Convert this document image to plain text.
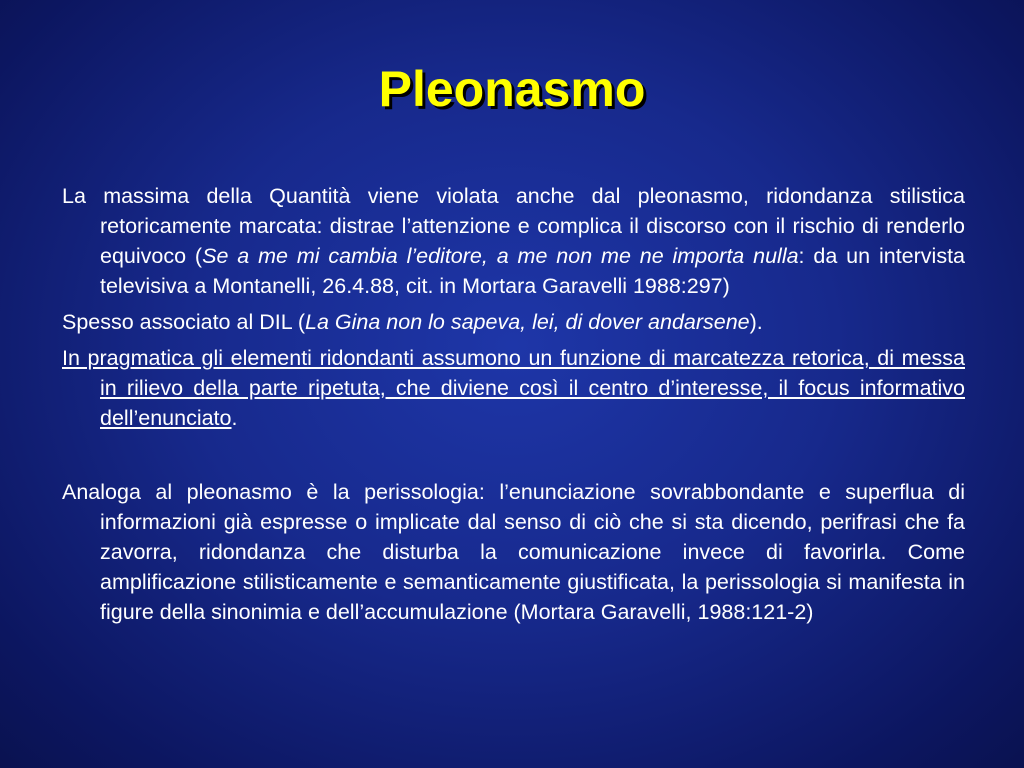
Pleonasmo

La massima della Quantità viene violata anche dal pleonasmo, ridondanza stilistica retoricamente marcata: distrae l’attenzione e complica il discorso con il rischio di renderlo equivoco (Se a me mi cambia l’editore, a me non me ne importa nulla: da un intervista televisiva a Montanelli, 26.4.88, cit. in Mortara Garavelli 1988:297)

Spesso associato al DIL (La Gina non lo sapeva, lei, di dover andarsene).

In pragmatica gli elementi ridondanti assumono un funzione di marcatezza retorica, di messa in rilievo della parte ripetuta, che diviene così il centro d’interesse, il focus informativo dell’enunciato.

Analoga al pleonasmo è la perissologia: l’enunciazione sovrabbondante e superflua di informazioni già espresse o implicate dal senso di ciò che si sta dicendo, perifrasi che fa zavorra, ridondanza che disturba la comunicazione invece di favorirla. Come amplificazione stilisticamente e semanticamente giustificata, la perissologia si manifesta in figure della sinonimia e dell’accumulazione (Mortara Garavelli, 1988:121-2)
